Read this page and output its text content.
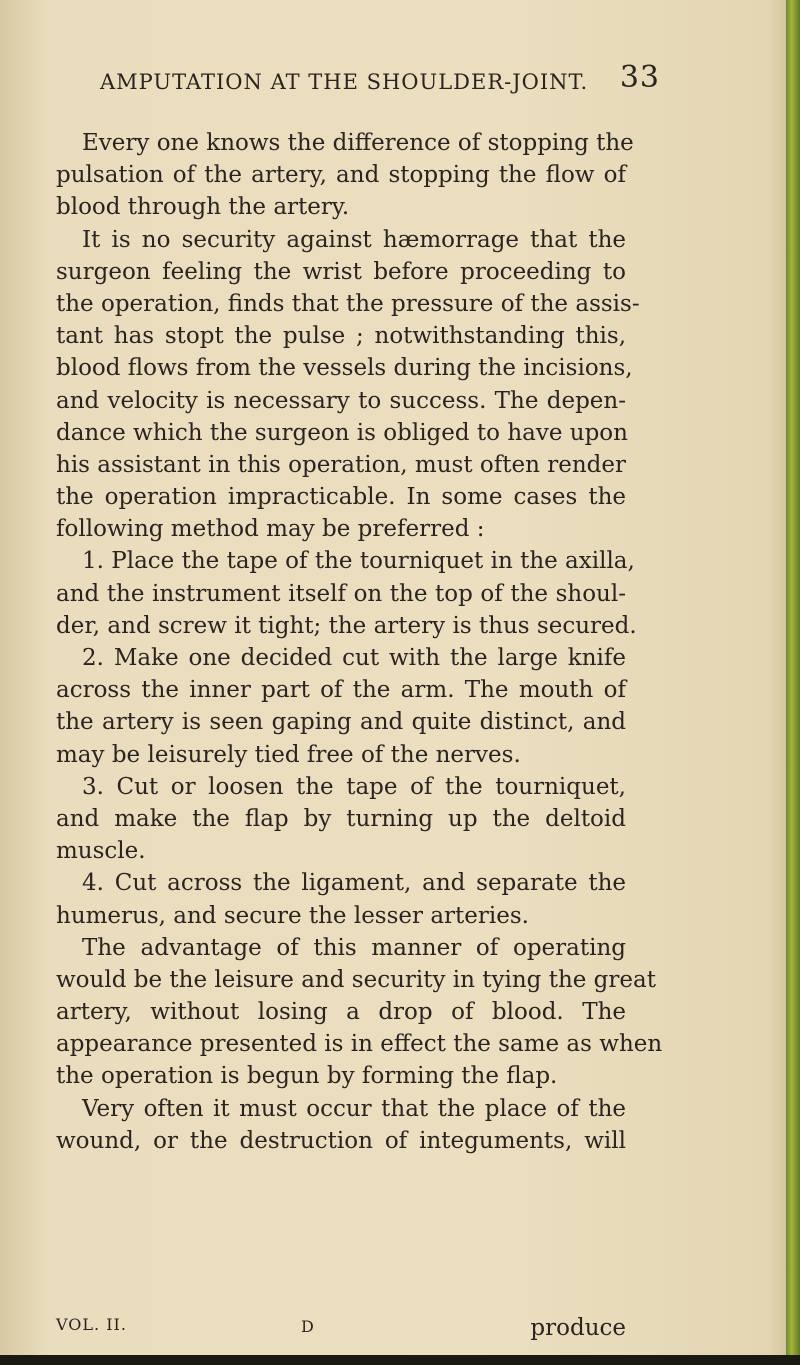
AMPUTATION AT THE SHOULDER-JOINT. 33
Every one knows the difference of stopping the
pulsation of the artery, and stopping the flow of
blood through the artery.
It is no security against hæmorrage that the
surgeon feeling the wrist before proceeding to
the operation, finds that the pressure of the assis-
tant has stopt the pulse ; notwithstanding this,
blood flows from the vessels during the incisions,
and velocity is necessary to success. The depen-
dance which the surgeon is obliged to have upon
his assistant in this operation, must often render
the operation impracticable. In some cases the
following method may be preferred :
1. Place the tape of the tourniquet in the axilla,
and the instrument itself on the top of the shoul-
der, and screw it tight; the artery is thus secured.
2. Make one decided cut with the large knife
across the inner part of the arm. The mouth of
the artery is seen gaping and quite distinct, and
may be leisurely tied free of the nerves.
3. Cut or loosen the tape of the tourniquet,
and make the flap by turning up the deltoid
muscle.
4. Cut across the ligament, and separate the
humerus, and secure the lesser arteries.
The advantage of this manner of operating
would be the leisure and security in tying the great
artery, without losing a drop of blood. The
appearance presented is in effect the same as when
the operation is begun by forming the flap.
Very often it must occur that the place of the
wound, or the destruction of integuments, will
VOL. II.	D	produce
